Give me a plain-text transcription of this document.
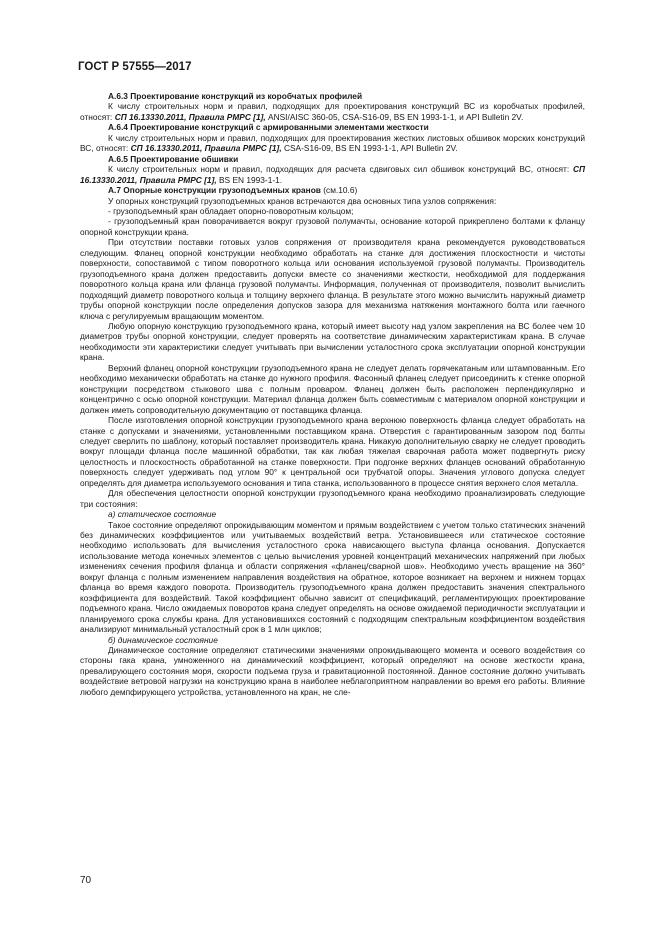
ГОСТ Р 57555—2017

А.6.3 Проектирование конструкций из коробчатых профилей

К числу строительных норм и правил, подходящих для проектирования конструкций ВС из коробчатых профилей, относят: СП 16.13330.2011, Правила РМРС [1], ANSI/AISC 360-05, CSA-S16-09, BS EN 1993-1-1, и API Bulletin 2V.

А.6.4 Проектирование конструкций с армированными элементами жесткости

К числу строительных норм и правил, подходящих для проектирования жестких листовых обшивок морских конструкций ВС, относят: СП 16.13330.2011, Правила РМРС [1], CSA-S16-09, BS EN 1993-1-1, API Bulletin 2V.

А.6.5 Проектирование обшивки

К числу строительных норм и правил, подходящих для расчета сдвиговых сил обшивок конструкций ВС, относят: СП 16.13330.2011, Правила РМРС [1], BS EN 1993-1-1.

А.7 Опорные конструкции грузоподъемных кранов (см.10.6)

У опорных конструкций грузоподъемных кранов встречаются два основных типа узлов сопряжения:

- грузоподъемный кран обладает опорно-поворотным кольцом;

- грузоподъемный кран поворачивается вокруг грузовой полумачты, основание которой прикреплено болтами к фланцу опорной конструкции крана.

При отсутствии поставки готовых узлов сопряжения от производителя крана рекомендуется руководствоваться следующим. Фланец опорной конструкции необходимо обработать на станке для достижения плоскостности и чистоты поверхности, сопоставимой с типом поворотного кольца или основания используемой грузовой полумачты. Производитель грузоподъемного крана должен предоставить допуски вместе со значениями жесткости, необходимой для поддержания поворотного кольца крана или фланца грузовой полумачты. Информация, полученная от производителя, позволит вычислить подходящий диаметр поворотного кольца и толщину верхнего фланца. В результате этого можно вычислить наружный диаметр трубы опорной конструкции после определения допусков зазора для механизма натяжения монтажного болта или гаечного ключа с регулируемым вращающим моментом.

Любую опорную конструкцию грузоподъемного крана, который имеет высоту над узлом закрепления на ВС более чем 10 диаметров трубы опорной конструкции, следует проверять на соответствие динамическим характеристикам крана. В случае необходимости эти характеристики следует учитывать при вычислении усталостного срока эксплуатации опорной конструкции крана.

Верхний фланец опорной конструкции грузоподъемного крана не следует делать горячекатаным или штампованным. Его необходимо механически обработать на станке до нужного профиля. Фасонный фланец следует присоединить к стенке опорной конструкции посредством стыкового шва с полным проваром. Фланец должен быть расположен перпендикулярно и концентрично с осью опорной конструкции. Материал фланца должен быть совместимым с материалом опорной конструкции и должен иметь сопроводительную документацию от поставщика фланца.

После изготовления опорной конструкции грузоподъемного крана верхнюю поверхность фланца следует обработать на станке с допусками и значениями, установленными поставщиком крана. Отверстия с гарантированным зазором под болты следует сверлить по шаблону, который поставляет производитель крана. Никакую дополнительную сварку не следует проводить вокруг площади фланца после машинной обработки, так как любая тяжелая сварочная работа может подвергнуть риску целостность и плоскостность обработанной на станке поверхности. При подгонке верхних фланцев оснований обработанную поверхность следует удерживать под углом 90° к центральной оси трубчатой опоры. Значения углового допуска следует определять для диаметра используемого основания и типа станка, использованного в процессе снятия верхнего слоя металла.

Для обеспечения целостности опорной конструкции грузоподъемного крана необходимо проанализировать следующие три состояния:

а) статическое состояние

Такое состояние определяют опрокидывающим моментом и прямым воздействием с учетом только статических значений без динамических коэффициентов или учитываемых воздействий ветра. Установившееся или статическое состояние необходимо использовать для вычисления усталостного срока нависающего выступа фланца основания. Допускается использование метода конечных элементов с целью вычисления уровней концентраций механических напряжений при любых изменениях сечения профиля фланца и области сопряжения «фланец/сварной шов». Необходимо учесть вращение на 360° вокруг фланца с полным изменением направления воздействия на обратное, которое возникает на верхнем и нижнем торцах фланца во время каждого поворота. Производитель грузоподъемного крана должен предоставить значения спектрального коэффициента для воздействий. Такой коэффициент обычно зависит от спецификаций, регламентирующих проектирование подъемного крана. Число ожидаемых поворотов крана следует определять на основе ожидаемой периодичности эксплуатации и планируемого срока службы крана. Для установившихся состояний с подходящим спектральным коэффициентом воздействия анализируют минимальный усталостный срок в 1 млн циклов;

б) динамическое состояние

Динамическое состояние определяют статическими значениями опрокидывающего момента и осевого воздействия со стороны гака крана, умноженного на динамический коэффициент, который определяют на основе жесткости крана, превалирующего состояния моря, скорости подъема груза и гравитационной постоянной. Данное состояние должно учитывать воздействие ветровой нагрузки на конструкцию крана в наиболее неблагоприятном направлении во время его работы. Влияние любого демпфирующего устройства, установленного на кран, не сле-

70
